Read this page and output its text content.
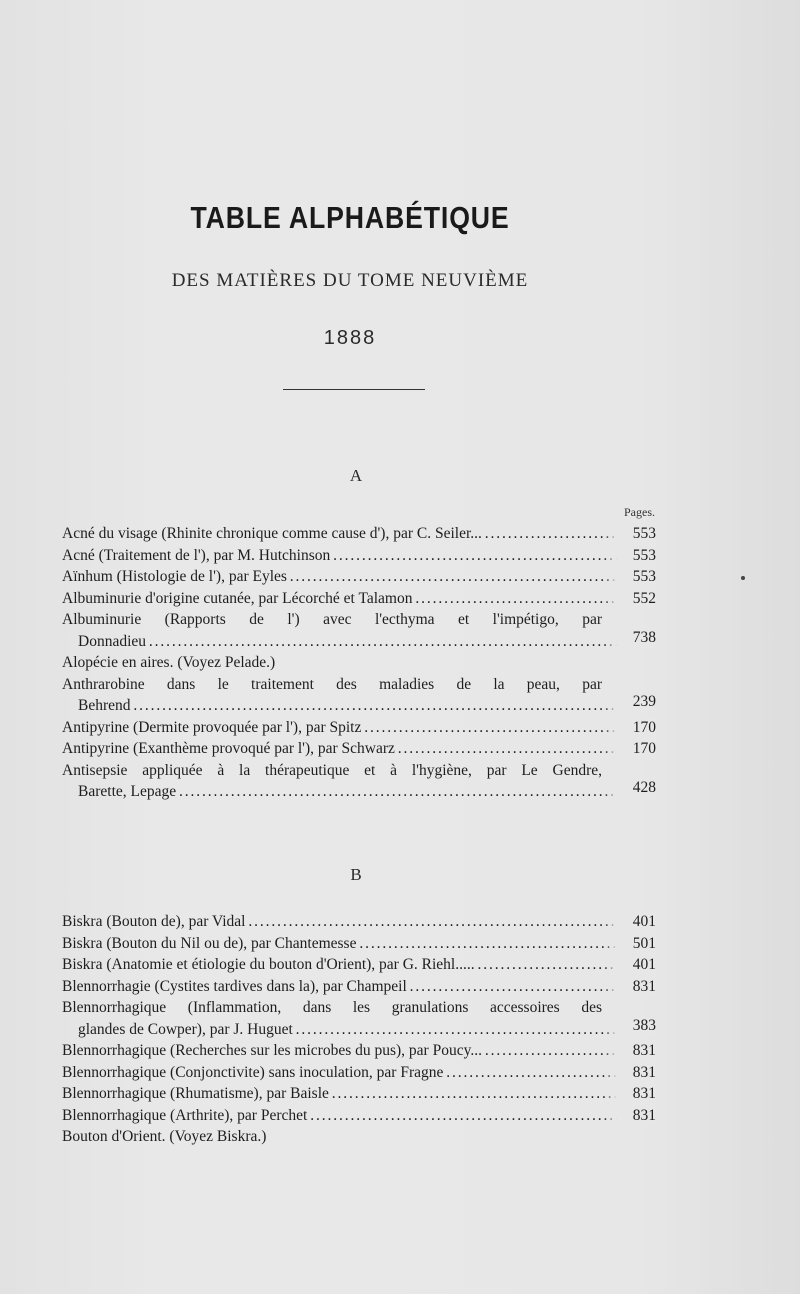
TABLE ALPHABÉTIQUE
DES MATIÈRES DU TOME NEUVIÈME
1888
A
Pages.
Acné du visage (Rhinite chronique comme cause d'), par C. Seiler... . . .	553
Acné (Traitement de l'), par M. Hutchinson . . .	553
Aïnhum (Histologie de l'), par Eyles . . .	553
Albuminurie d'origine cutanée, par Lécorché et Talamon . . .	552
Albuminurie (Rapports de l') avec l'ecthyma et l'impétigo, par
Donnadieu . . .	738
Alopécie en aires. (Voyez Pelade.)
Anthrarobine dans le traitement des maladies de la peau, par
Behrend . . .	239
Antipyrine (Dermite provoquée par l'), par Spitz . . .	170
Antipyrine (Exanthème provoqué par l'), par Schwarz . . .	170
Antisepsie appliquée à la thérapeutique et à l'hygiène, par Le Gendre,
Barette, Lepage . . .	428
B
Biskra (Bouton de), par Vidal . . .	401
Biskra (Bouton du Nil ou de), par Chantemesse . . .	501
Biskra (Anatomie et étiologie du bouton d'Orient), par G. Riehl..... . . .	401
Blennorrhagie (Cystites tardives dans la), par Champeil . . .	831
Blennorrhagique (Inflammation, dans les granulations accessoires des
glandes de Cowper), par J. Huguet . . .	383
Blennorrhagique (Recherches sur les microbes du pus), par Poucy... . . .	831
Blennorrhagique (Conjonctivite) sans inoculation, par Fragne . . .	831
Blennorrhagique (Rhumatisme), par Baisle . . .	831
Blennorrhagique (Arthrite), par Perchet . . .	831
Bouton d'Orient. (Voyez Biskra.)
